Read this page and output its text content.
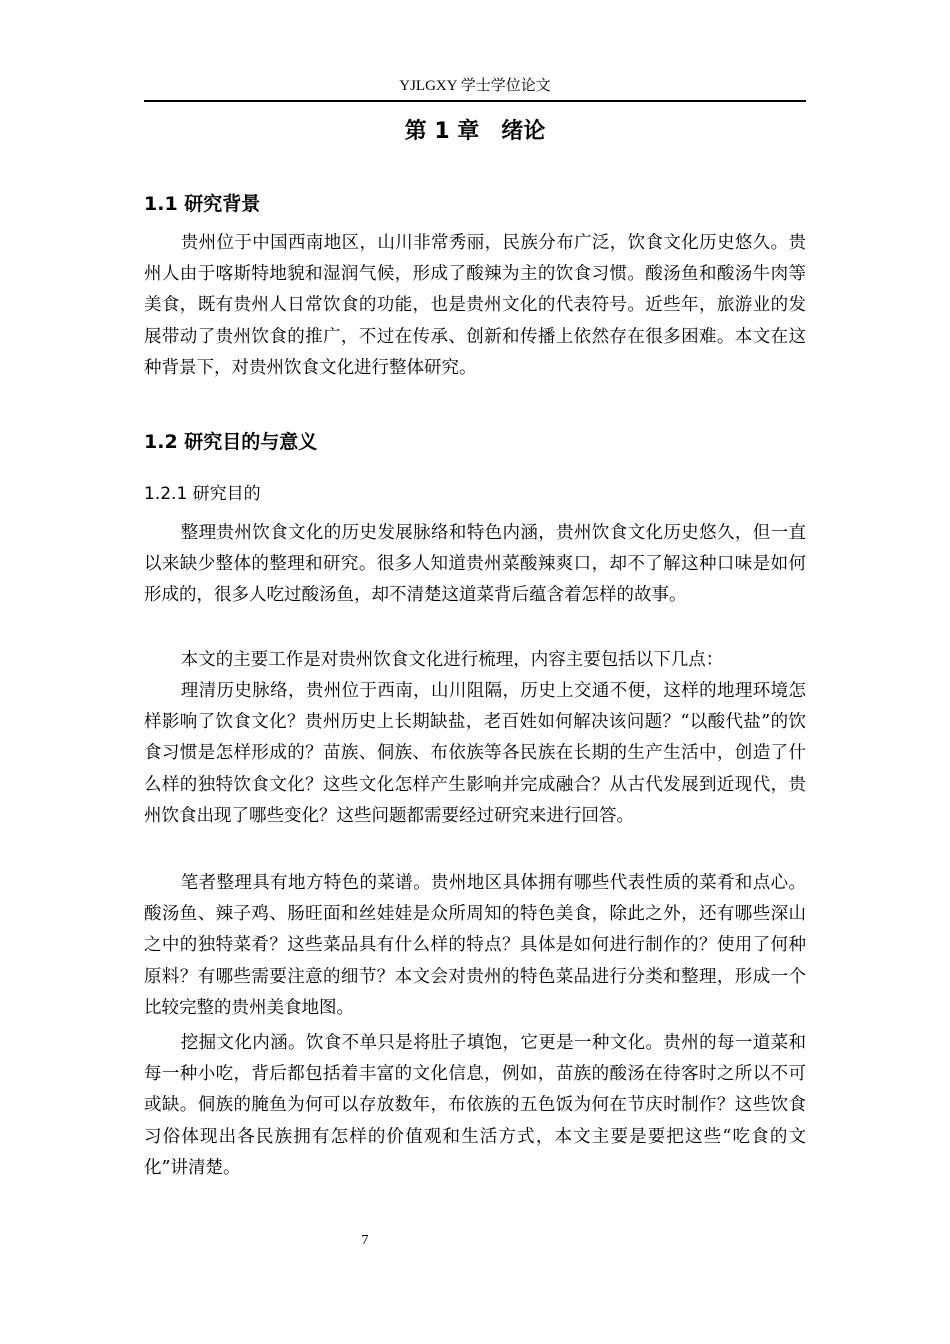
YJLGXY 学士学位论文
第 1 章　绪论
1.1 研究背景

贵州位于中国西南地区，山川非常秀丽，民族分布广泛，饮食文化历史悠久。贵州人由于喀斯特地貌和湿润气候，形成了酸辣为主的饮食习惯。酸汤鱼和酸汤牛肉等美食，既有贵州人日常饮食的功能，也是贵州文化的代表符号。近些年，旅游业的发展带动了贵州饮食的推广，不过在传承、创新和传播上依然存在很多困难。本文在这种背景下，对贵州饮食文化进行整体研究。

1.2 研究目的与意义
1.2.1 研究目的

整理贵州饮食文化的历史发展脉络和特色内涵，贵州饮食文化历史悠久，但一直以来缺少整体的整理和研究。很多人知道贵州菜酸辣爽口，却不了解这种口味是如何形成的，很多人吃过酸汤鱼，却不清楚这道菜背后蕴含着怎样的故事。

本文的主要工作是对贵州饮食文化进行梳理，内容主要包括以下几点：

理清历史脉络，贵州位于西南，山川阻隔，历史上交通不便，这样的地理环境怎样影响了饮食文化？贵州历史上长期缺盐，老百姓如何解决该问题？“以酸代盐”的饮食习惯是怎样形成的？苗族、侗族、布依族等各民族在长期的生产生活中，创造了什么样的独特饮食文化？这些文化怎样产生影响并完成融合？从古代发展到近现代，贵州饮食出现了哪些变化？这些问题都需要经过研究来进行回答。

笔者整理具有地方特色的菜谱。贵州地区具体拥有哪些代表性质的菜肴和点心。酸汤鱼、辣子鸡、肠旺面和丝娃娃是众所周知的特色美食，除此之外，还有哪些深山之中的独特菜肴？这些菜品具有什么样的特点？具体是如何进行制作的？使用了何种原料？有哪些需要注意的细节？本文会对贵州的特色菜品进行分类和整理，形成一个比较完整的贵州美食地图。

挖掘文化内涵。饮食不单只是将肚子填饱，它更是一种文化。贵州的每一道菜和每一种小吃，背后都包括着丰富的文化信息，例如，苗族的酸汤在待客时之所以不可或缺。侗族的腌鱼为何可以存放数年，布依族的五色饭为何在节庆时制作？这些饮食习俗体现出各民族拥有怎样的价值观和生活方式，本文主要是要把这些“吃食的文化”讲清楚。

7
